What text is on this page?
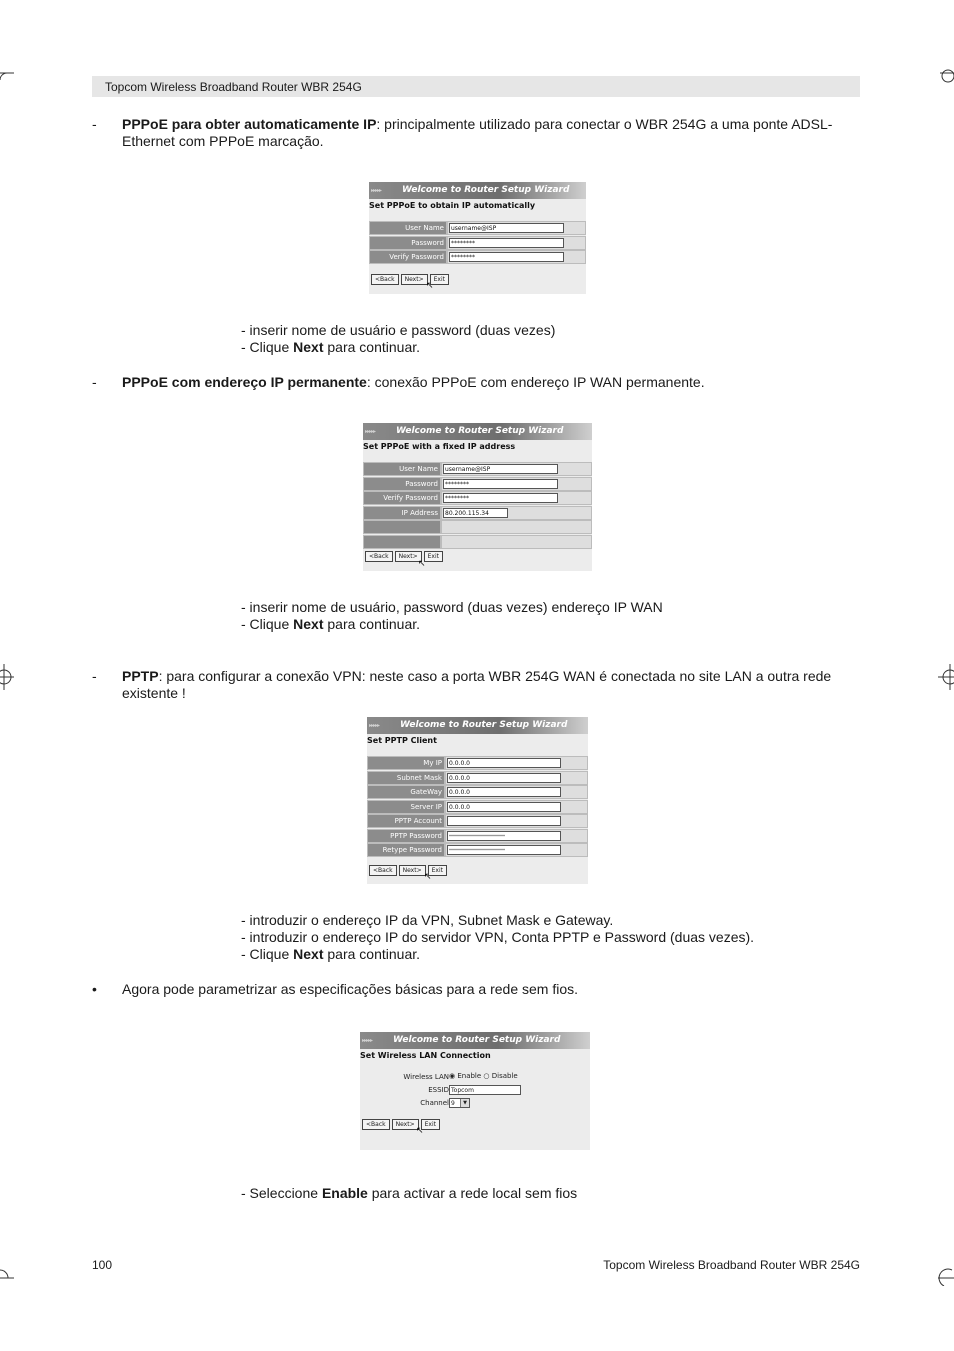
Topcom Wireless Broadband Router WBR 254G
- PPPoE para obter automaticamente IP: principalmente utilizado para conectar o WBR 254G a uma ponte ADSL-Ethernet com PPPoE marcação.
▸▸▸▸▸ Welcome to Router Setup Wizard
Set PPPoE to obtain IP automatically
User Name	username@ISP
Password	********
Verify Password	********
<Back	Next>	Exit
↖
- inserir nome de usuário e password (duas vezes)
- Clique Next para continuar.
- PPPoE com endereço IP permanente: conexão PPPoE com endereço IP WAN permanente.
▸▸▸▸▸ Welcome to Router Setup Wizard
Set PPPoE with a fixed IP address
User Name	username@ISP
Password	********
Verify Password	********
IP Address	80.200.115.34
<Back	Next>	Exit
↖
- inserir nome de usuário, password (duas vezes) endereço IP WAN
- Clique Next para continuar.
- PPTP: para configurar a conexão VPN: neste caso a porta WBR 254G WAN é conectada no site LAN a outra rede existente !
▸▸▸▸▸ Welcome to Router Setup Wizard
Set PPTP Client
My IP	0.0.0.0
Subnet Mask	0.0.0.0
GateWay	0.0.0.0
Server IP	0.0.0.0
PPTP Account
PPTP Password	****************************
Retype Password	****************************
<Back	Next>	Exit
↖
- introduzir o endereço IP da VPN, Subnet Mask e Gateway.
- introduzir o endereço IP do servidor VPN, Conta PPTP e Password (duas vezes).
- Clique Next para continuar.
• Agora pode parametrizar as especificações básicas para a rede sem fios.
▸▸▸▸▸ Welcome to Router Setup Wizard
Set Wireless LAN Connection
Wireless LAN ◉ Enable ○ Disable
ESSID Topcom
Channel 9	▼
<Back	Next>	Exit
↖
- Seleccione Enable para activar a rede local sem fios
100	Topcom Wireless Broadband Router WBR 254G
